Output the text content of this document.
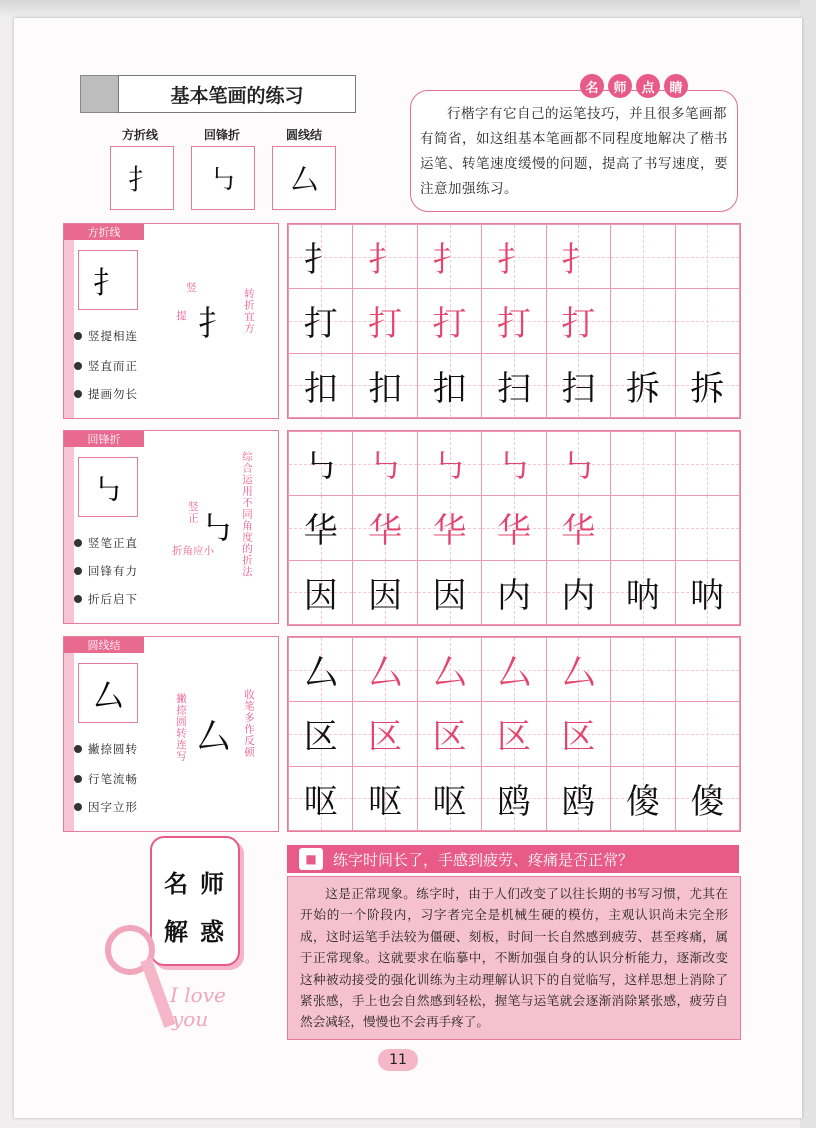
基本笔画的练习
方折线	回锋折	圆线结
扌	㇉	厶
名	师	点	睛
行楷字有它自己的运笔技巧，并且很多笔画都有简省，如这组基本笔画都不同程度地解决了楷书运笔、转笔速度缓慢的问题，提高了书写速度，要注意加强练习。
方折线
扌
竖提相连
竖直而正
提画勿长
竖
提 扌 转折宜方
回锋折
㇉
竖笔正直
回锋有力
折后启下
竖正 ㇉
折角应小	综合运用不同角度的折法
圆线结
厶
撇捺圆转
行笔流畅
因字立形
撇捺圆转连写 厶 收笔多作反顿
扌	扌	扌	扌	扌		
打	打	打	打	打		
扣	扣	扣	扫	扫	拆	拆
㇉	㇉	㇉	㇉	㇉		
华	华	华	华	华		
因	因	因	内	内	呐	呐
厶	厶	厶	厶	厶		
区	区	区	区	区		
呕	呕	呕	鸥	鸥	傻	傻
名 师
解 惑
I love
you
■	练字时间长了，手感到疲劳、疼痛是否正常？

这是正常现象。练字时，由于人们改变了以往长期的书写习惯，尤其在开始的一个阶段内，习字者完全是机械生硬的模仿，主观认识尚未完全形成，这时运笔手法较为僵硬、刻板，时间一长自然感到疲劳、甚至疼痛，属于正常现象。这就要求在临摹中，不断加强自身的认识分析能力，逐渐改变这种被动接受的强化训练为主动理解认识下的自觉临写，这样思想上消除了紧张感，手上也会自然感到轻松，握笔与运笔就会逐渐消除紧张感，疲劳自然会减轻，慢慢也不会再手疼了。

11
